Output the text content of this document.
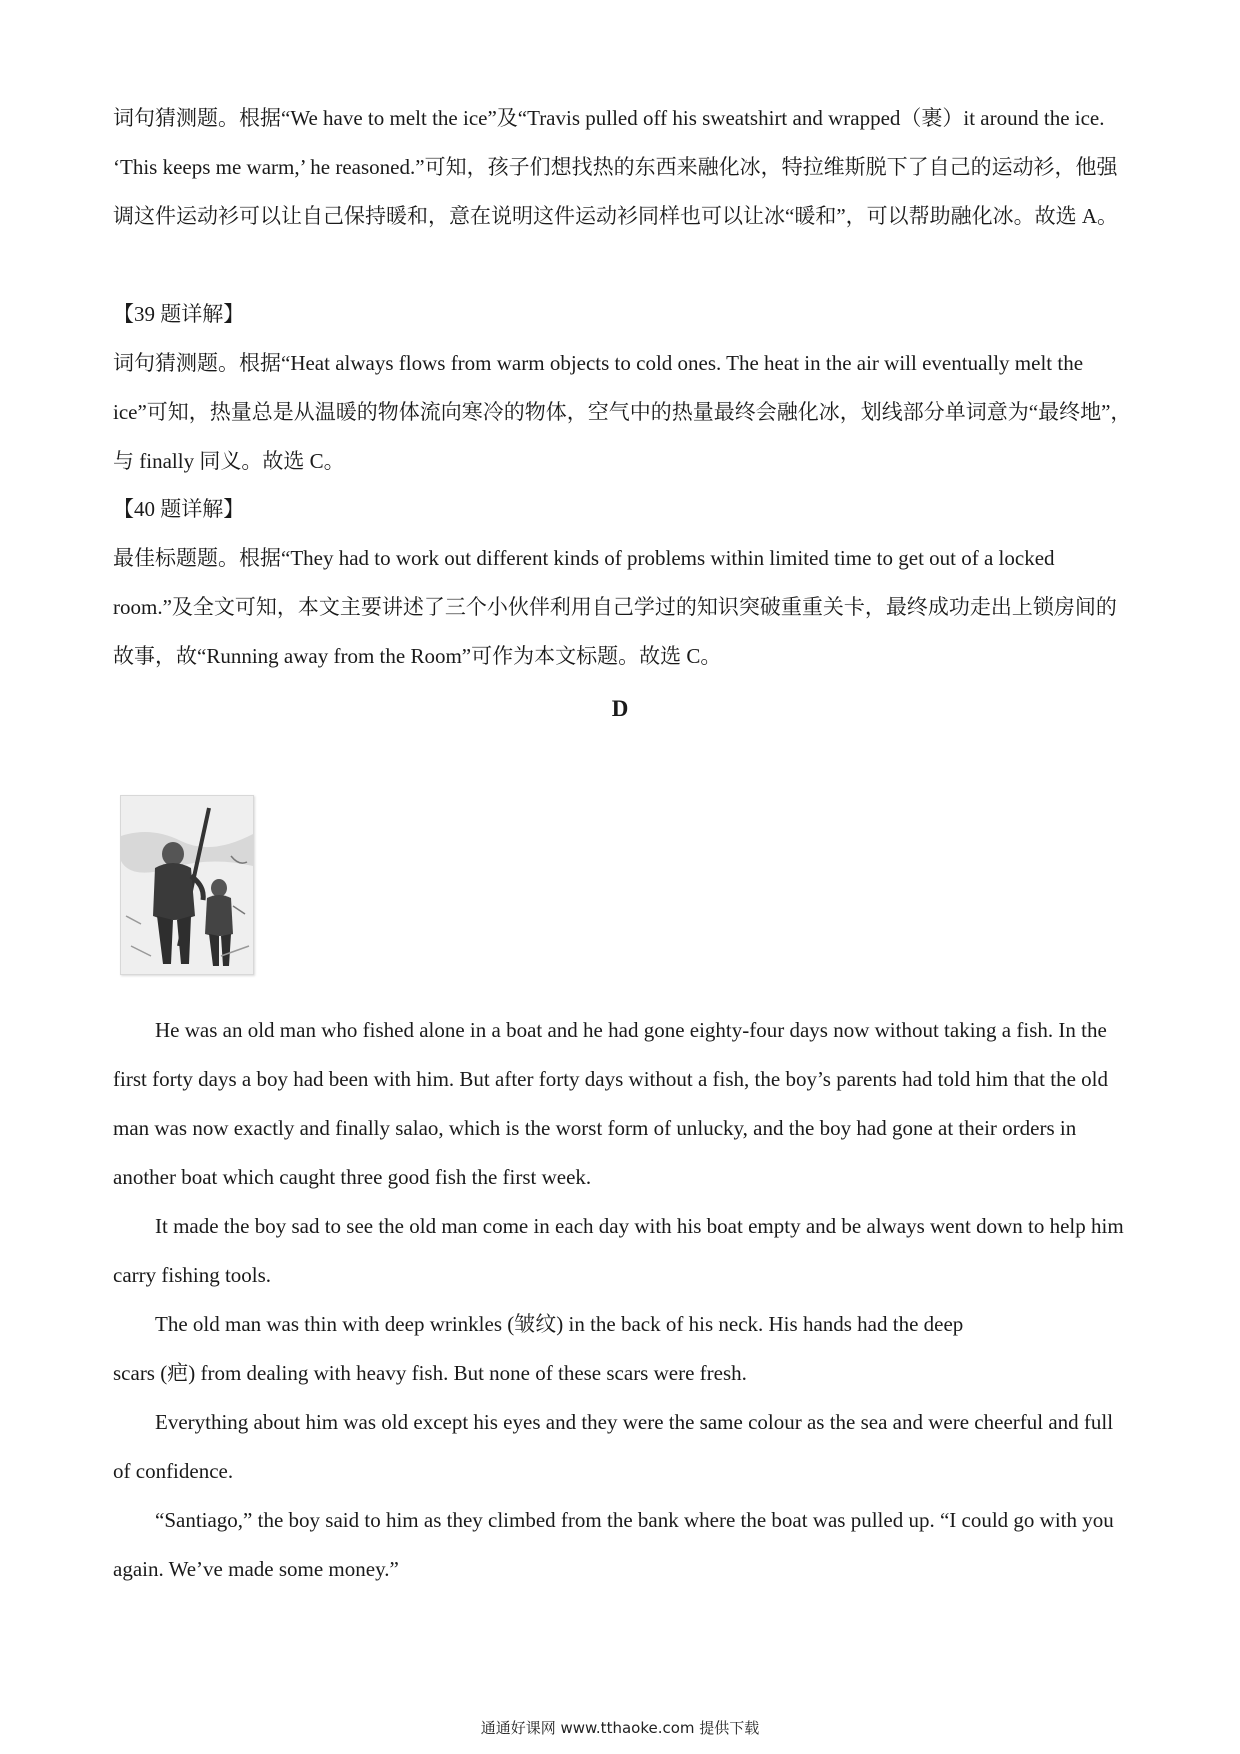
词句猜测题。根据“We have to melt the ice”及“Travis pulled off his sweatshirt and wrapped（裹）it around the ice. ‘This keeps me warm,’ he reasoned.”可知，孩子们想找热的东西来融化冰，特拉维斯脱下了自己的运动衫，他强调这件运动衫可以让自己保持暖和，意在说明这件运动衫同样也可以让冰“暖和”，可以帮助融化冰。故选 A。

【39 题详解】

词句猜测题。根据“Heat always flows from warm objects to cold ones. The heat in the air will eventually melt the ice”可知，热量总是从温暖的物体流向寒冷的物体，空气中的热量最终会融化冰，划线部分单词意为“最终地”，与 finally 同义。故选 C。

【40 题详解】

最佳标题题。根据“They had to work out different kinds of problems within limited time to get out of a locked room.”及全文可知，本文主要讲述了三个小伙伴利用自己学过的知识突破重重关卡，最终成功走出上锁房间的故事，故“Running away from the Room”可作为本文标题。故选 C。

D

He was an old man who fished alone in a boat and he had gone eighty-four days now without taking a fish. In the first forty days a boy had been with him. But after forty days without a fish, the boy’s parents had told him that the old man was now exactly and finally salao, which is the worst form of unlucky, and the boy had gone at their orders in another boat which caught three good fish the first week.

It made the boy sad to see the old man come in each day with his boat empty and be always went down to help him carry fishing tools.

The old man was thin with deep wrinkles (皱纹) in the back of his neck. His hands had the deep

scars (疤) from dealing with heavy fish. But none of these scars were fresh.

Everything about him was old except his eyes and they were the same colour as the sea and were cheerful and full of confidence.

“Santiago,” the boy said to him as they climbed from the bank where the boat was pulled up. “I could go with you again. We’ve made some money.”

通通好课网 www.tthaoke.com 提供下载
